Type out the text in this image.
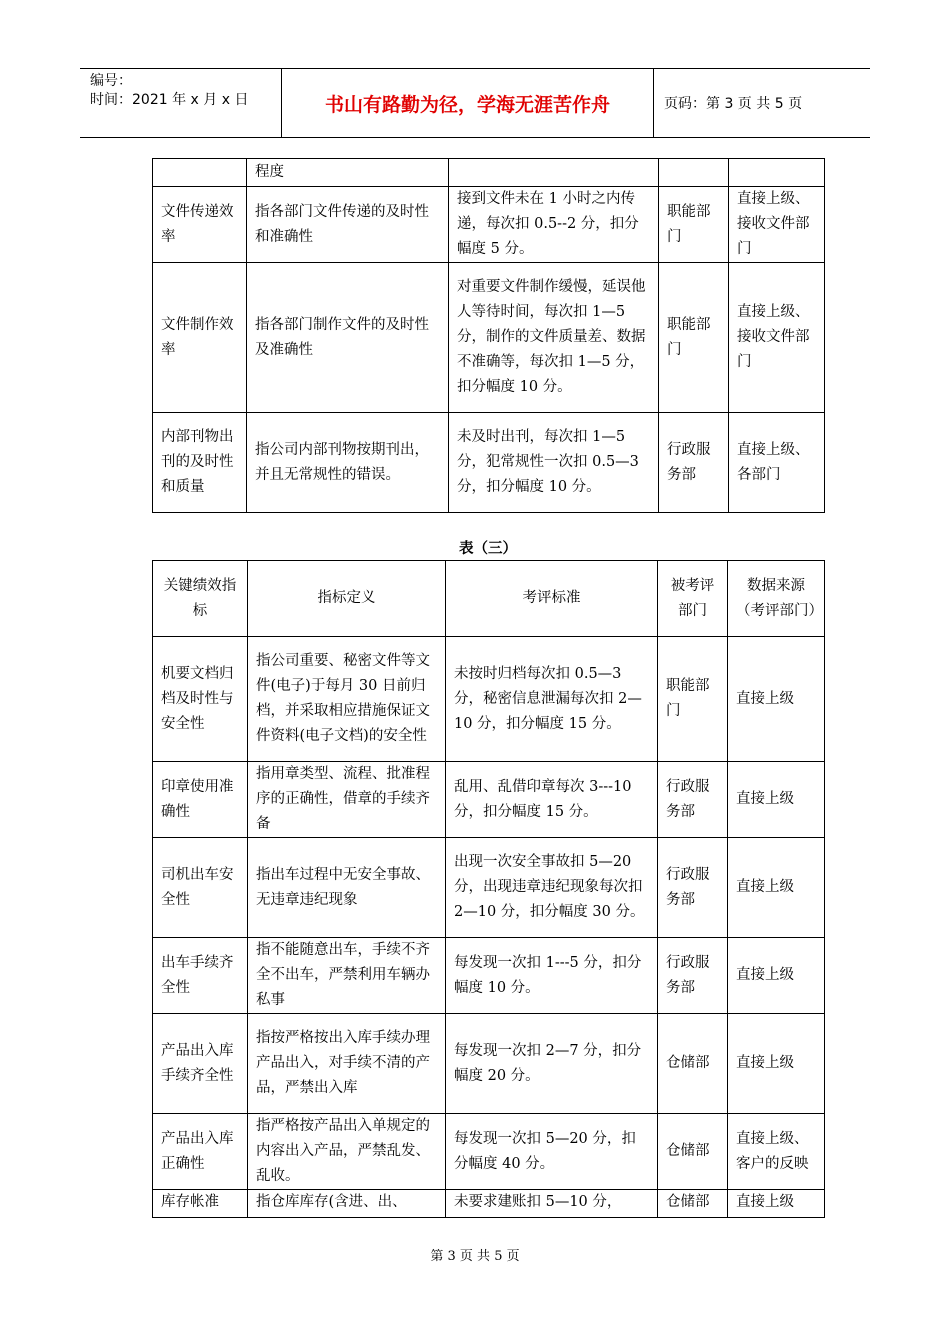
编号：
时间：2021 年 x 月 x 日	书山有路勤为径，学海无涯苦作舟	页码：第 3 页 共 5 页
	程度			
文件传递效率	指各部门文件传递的及时性和准确性	接到文件未在 1 小时之内传递，每次扣 0.5--2 分，扣分幅度 5 分。	职能部门	直接上级、接收文件部门
文件制作效率	指各部门制作文件的及时性及准确性	对重要文件制作缓慢，延误他人等待时间，每次扣 1—5 分，制作的文件质量差、数据不准确等，每次扣 1—5 分，扣分幅度 10 分。	职能部门	直接上级、接收文件部门
内部刊物出刊的及时性和质量	指公司内部刊物按期刊出，并且无常规性的错误。	未及时出刊，每次扣 1—5 分，犯常规性一次扣 0.5—3 分，扣分幅度 10 分。	行政服务部	直接上级、各部门
表（三）
关键绩效指标	指标定义	考评标准	被考评部门	数据来源（考评部门）
机要文档归档及时性与安全性	指公司重要、秘密文件等文件(电子)于每月 30 日前归档，并采取相应措施保证文件资料(电子文档)的安全性	未按时归档每次扣 0.5—3 分，秘密信息泄漏每次扣 2—10 分，扣分幅度 15 分。	职能部门	直接上级
印章使用准确性	指用章类型、流程、批准程序的正确性，借章的手续齐备	乱用、乱借印章每次 3---10 分，扣分幅度 15 分。	行政服务部	直接上级
司机出车安全性	指出车过程中无安全事故、无违章违纪现象	出现一次安全事故扣 5—20 分，出现违章违纪现象每次扣 2—10 分，扣分幅度 30 分。	行政服务部	直接上级
出车手续齐全性	指不能随意出车，手续不齐全不出车，严禁利用车辆办私事	每发现一次扣 1---5 分，扣分幅度 10 分。	行政服务部	直接上级
产品出入库手续齐全性	指按严格按出入库手续办理产品出入，对手续不清的产品，严禁出入库	每发现一次扣 2—7 分，扣分幅度 20 分。	仓储部	直接上级
产品出入库正确性	指严格按产品出入单规定的内容出入产品，严禁乱发、乱收。	每发现一次扣 5—20 分，扣分幅度 40 分。	仓储部	直接上级、客户的反映
库存帐准	指仓库库存(含进、出、	未要求建账扣 5—10 分，	仓储部	直接上级
第 3 页 共 5 页
